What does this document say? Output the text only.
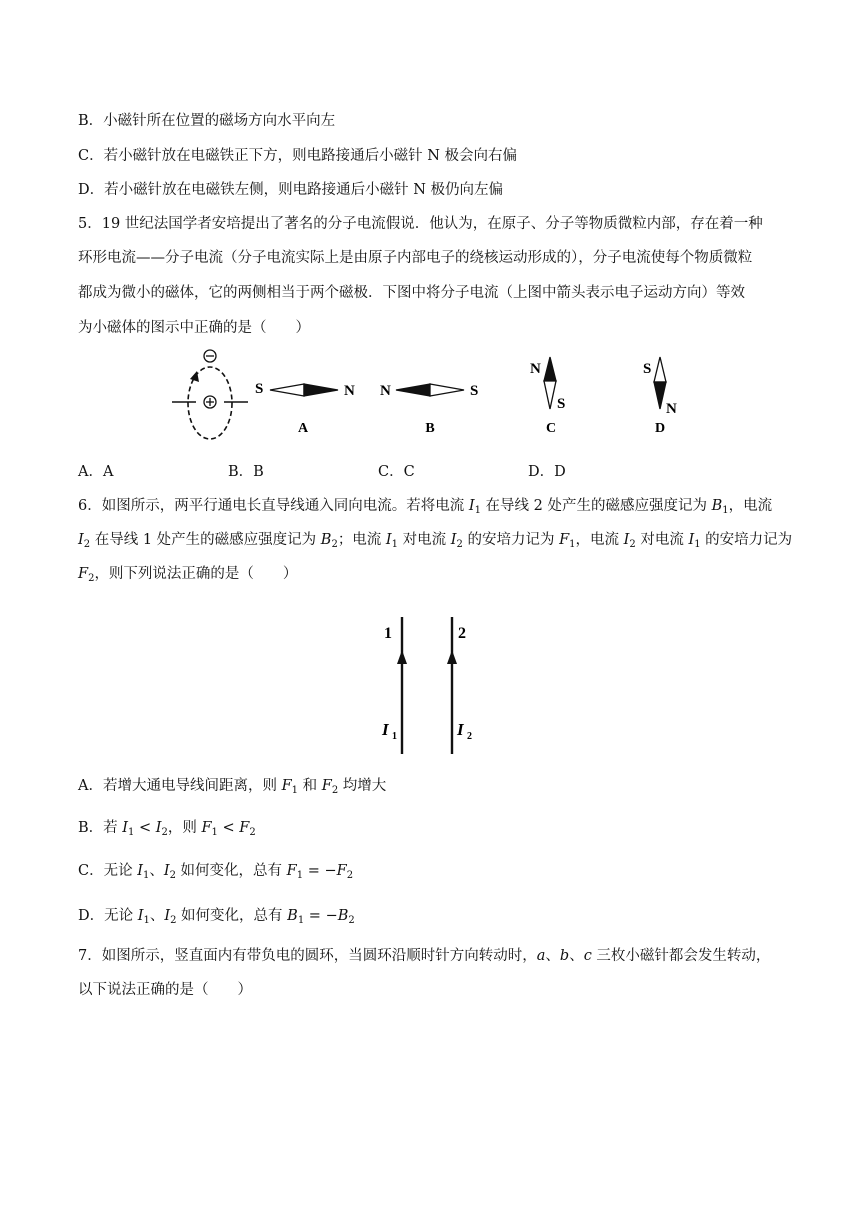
B．小磁针所在位置的磁场方向水平向左
C．若小磁针放在电磁铁正下方，则电路接通后小磁针 N 极会向右偏
D．若小磁针放在电磁铁左侧，则电路接通后小磁针 N 极仍向左偏
5．19 世纪法国学者安培提出了著名的分子电流假说．他认为，在原子、分子等物质微粒内部，存在着一种
环形电流——分子电流（分子电流实际上是由原子内部电子的绕核运动形成的），分子电流使每个物质微粒
都成为微小的磁体，它的两侧相当于两个磁极．下图中将分子电流（上图中箭头表示电子运动方向）等效
为小磁体的图示中正确的是（　　）
S	N
A
N	S
B
N
S
C
S
N
D
A．A	B．B	C．C	D．D
6．如图所示，两平行通电长直导线通入同向电流。若将电流 $I_1$ 在导线 2 处产生的磁感应强度记为 $B_1$，电流
$I_2$ 在导线 1 处产生的磁感应强度记为 $B_2$；电流 $I_1$ 对电流 $I_2$ 的安培力记为 $F_1$，电流 $I_2$ 对电流 $I_1$ 的安培力记为
$F_2$，则下列说法正确的是（　　）
1	2
I 1	I 2
A．若增大通电导线间距离，则 $F_1$ 和 $F_2$ 均增大
B．若 $I_1 < I_2$，则 $F_1 < F_2$
C．无论 $I_1$、$I_2$ 如何变化，总有 $F_1 = -F_2$
D．无论 $I_1$、$I_2$ 如何变化，总有 $B_1 = -B_2$
7．如图所示，竖直面内有带负电的圆环，当圆环沿顺时针方向转动时，a、b、c 三枚小磁针都会发生转动，
以下说法正确的是（　　）
